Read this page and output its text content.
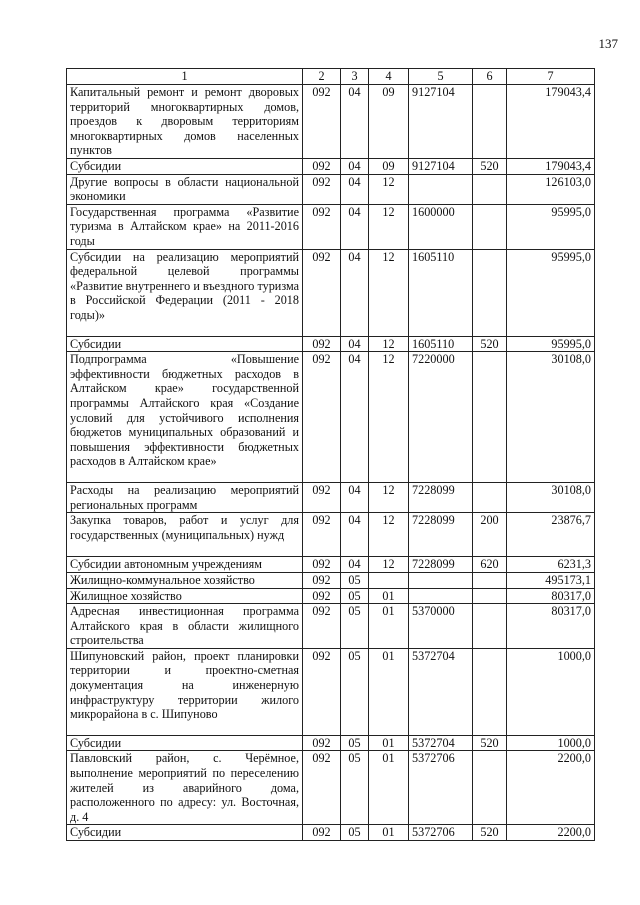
137
1	2	3	4	5	6	7
Капитальный ремонт и ремонт дворовых территорий многоквартирных домов, проездов к дворовым территориям многоквартирных домов населенных пунктов	092	04	09	9127104		179043,4
Субсидии	092	04	09	9127104	520	179043,4
Другие вопросы в области национальной экономики	092	04	12			126103,0
Государственная программа «Развитие туризма в Алтайском крае» на 2011-2016 годы	092	04	12	1600000		95995,0
Субсидии на реализацию мероприятий федеральной целевой программы «Развитие внутреннего и въездного туризма в Российской Федерации (2011 - 2018 годы)»	092	04	12	1605110		95995,0
Субсидии	092	04	12	1605110	520	95995,0
Подпрограмма «Повышение эффективности бюджетных расходов в Алтайском крае» государственной программы Алтайского края «Создание условий для устойчивого исполнения бюджетов муниципальных образований и повышения эффективности бюджетных расходов в Алтайском крае»	092	04	12	7220000		30108,0
Расходы на реализацию мероприятий региональных программ	092	04	12	7228099		30108,0
Закупка товаров, работ и услуг для государственных (муниципальных) нужд	092	04	12	7228099	200	23876,7
Субсидии автономным учреждениям	092	04	12	7228099	620	6231,3
Жилищно-коммунальное хозяйство	092	05				495173,1
Жилищное хозяйство	092	05	01			80317,0
Адресная инвестиционная программа Алтайского края в области жилищного строительства	092	05	01	5370000		80317,0
Шипуновский район, проект планировки территории и проектно-сметная документация на инженерную инфраструктуру территории жилого микрорайона в с. Шипуново	092	05	01	5372704		1000,0
Субсидии	092	05	01	5372704	520	1000,0
Павловский район, с. Черёмное, выполнение мероприятий по переселению жителей из аварийного дома, расположенного по адресу: ул. Восточная, д. 4	092	05	01	5372706		2200,0
Субсидии	092	05	01	5372706	520	2200,0
